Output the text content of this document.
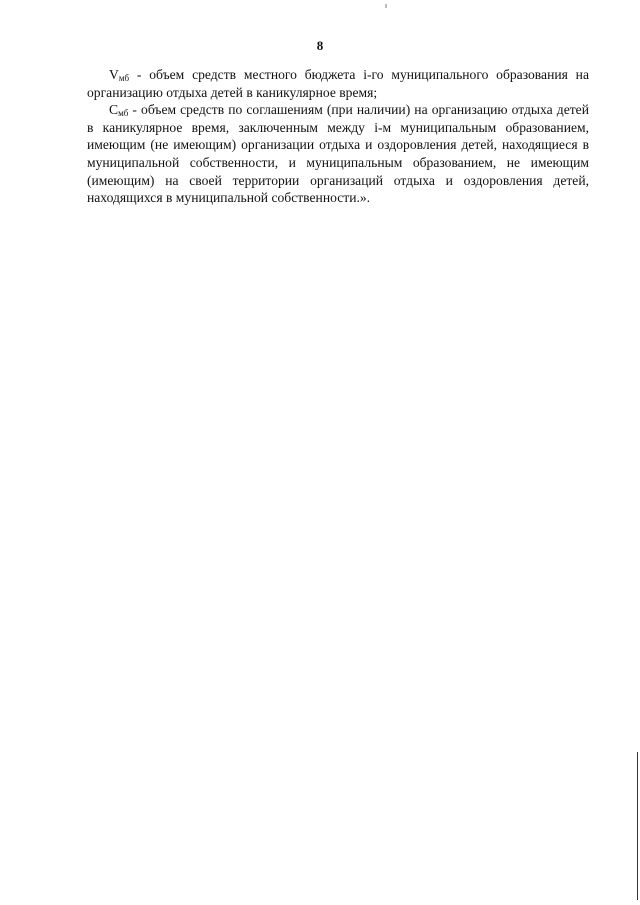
8

$V_{мб}$ - объем средств местного бюджета i-го муниципального образования на организацию отдыха детей в каникулярное время;

$C_{мб}$ - объем средств по соглашениям (при наличии) на организацию отдыха детей в каникулярное время, заключенным между i-м муниципальным образованием, имеющим (не имеющим) организации отдыха и оздоровления детей, находящиеся в муниципальной собственности, и муниципальным образованием, не имеющим (имеющим) на своей территории организаций отдыха и оздоровления детей, находящихся в муниципальной собственности.».
